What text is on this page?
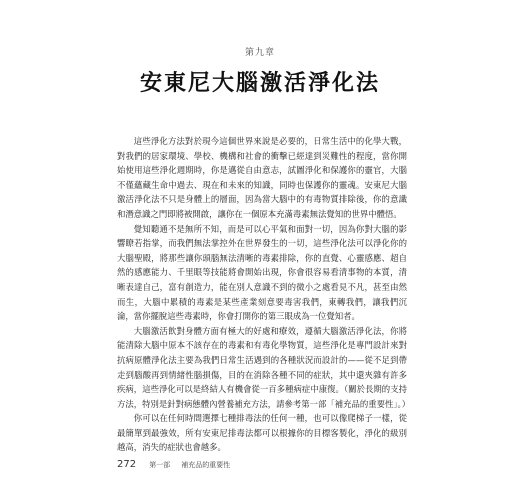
第九章
安東尼大腦激活淨化法

這些淨化方法對於現今這個世界來說是必要的，日常生活中的化學大戰，對我們的居家環境、學校、機構和社會的衝擊已經達到災難性的程度，當你開始使用這些淨化週期時，你是邁從自由意志，試圖淨化和保護你的靈官，大腦不僅蘊藏生命中過去、現在和未來的知識，同時也保護你的靈魂。安東尼大腦激活淨化法不只是身體上的層面，因為當大腦中的有毒物質排除後，你的意識和潛意識之門即將被開啟，讓你在一個原本充滿毒素無法覺知的世界中體悟。

覺知聽通不是無所不知，而是可以心平氣和面對一切，因為你對大腦的影響瞭若指掌，而我們無法掌控外在世界發生的一切，這些淨化法可以淨化你的大腦聖殿，將那些讓你頭腦無法清晰的毒素排除，你的直覺、心靈感應、超自然的感應能力、千里眼等技能將會開始出現，你會很容易看清事物的本質，清晰表達自己，富有創造力，能在別人意識不到的微小之處看見不凡，甚至由然而生，大腦中累積的毒素是某些產業刻意要毒害我們，東轉我們，讓我們沉淪，當你擺脫這些毒素時，你會打開你的第三眼成為一位覺知者。

大腦激活飲對身體方面有極大的好處和療效，遵循大腦激活淨化法，你將能清除大腦中原本不該存在的毒素和有毒化學物質，這些淨化是專門設計來對抗病原體淨化法主要為我們日常生活遇到的各種狀況而設計的——從不足到帶走到腦酸再到情緒性腦損傷，目的在消除各種不同的症狀，其中還夾雜有許多疾病，這些淨化可以是終結人有機會從一百多種病症中康復。（關於長期的支持方法，特別是針對病態體內營養補充方法，請參考第一部「補充品的重要性」。）

你可以在任何時間選擇七種排毒法的任何一種，也可以像爬梯子一樣，從最簡單到最強效，所有安東尼排毒法都可以根據你的目標客製化，淨化的級別越高，消失的症狀也會越多。

272 第一部 補充品的重要性
